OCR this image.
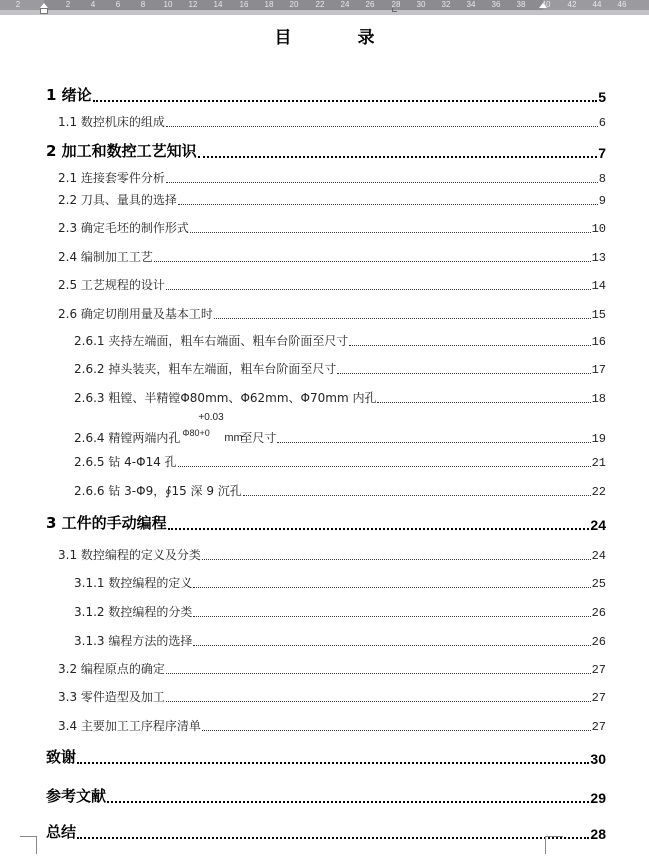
2	2	4	6	8 10 12 14 16 18 20 22 24 26 28 30 32 34 36 38 40 42 44 46
目 录
1 绪论	5
1.1 数控机床的组成	6
2 加工和数控工艺知识	7
2.1 连接套零件分析	8
2.2 刀具、量具的选择	9
2.3 确定毛坯的制作形式	10
2.4 编制加工工艺	13
2.5 工艺规程的设计	14
2.6 确定切削用量及基本工时	15
2.6.1 夹持左端面，粗车右端面、粗车台阶面至尺寸	16
2.6.2 掉头装夹，粗车左端面，粗车台阶面至尺寸	17
2.6.3 粗镗、半精镗Φ80mm、Φ62mm、Φ70mm 内孔	18
2.6.4 精镗两端内孔 Φ80+0
+0.03
mm
至尺寸	19
2.6.5 钻 4-Φ14 孔	21
2.6.6 钻 3-Φ9，∮15 深 9 沉孔	22
3 工件的手动编程	24
3.1 数控编程的定义及分类	24
3.1.1 数控编程的定义	25
3.1.2 数控编程的分类	26
3.1.3 编程方法的选择	26
3.2 编程原点的确定	27
3.3 零件造型及加工	27
3.4 主要加工工序程序清单	27
致谢	30
参考文献	29
总结	28
